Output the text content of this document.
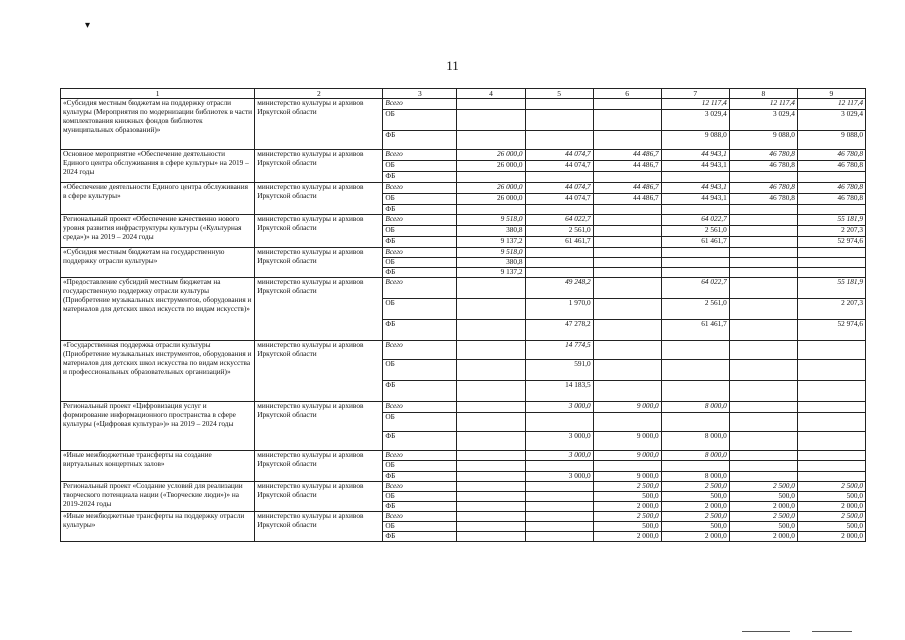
▾
11
1	2	3	4	5	6	7	8	9
«Субсидия местным бюджетам на поддержку отрасли культуры (Мероприятия по модернизации библиотек в части комплектования книжных фондов библиотек муниципальных образований)»	министерство культуры и архивов Иркутской области	Всего				12 117,4	12 117,4	12 117,4
		ОБ				3 029,4	3 029,4	3 029,4
		ФБ				9 088,0	9 088,0	9 088,0
Основное мероприятие «Обеспечение деятельности Единого центра обслуживания в сфере культуры» на 2019 – 2024 годы	министерство культуры и архивов Иркутской области	Всего	26 000,0	44 074,7	44 486,7	44 943,1	46 780,8	46 780,8
		ОБ	26 000,0	44 074,7	44 486,7	44 943,1	46 780,8	46 780,8
		ФБ						
«Обеспечение деятельности Единого центра обслуживания в сфере культуры»	министерство культуры и архивов Иркутской области	Всего	26 000,0	44 074,7	44 486,7	44 943,1	46 780,8	46 780,8
		ОБ	26 000,0	44 074,7	44 486,7	44 943,1	46 780,8	46 780,8
		ФБ						
Региональный проект «Обеспечение качественно нового уровня развития инфраструктуры культуры («Культурная среда»)» на 2019 – 2024 годы	министерство культуры и архивов Иркутской области	Всего	9 518,0	64 022,7		64 022,7		55 181,9
		ОБ	380,8	2 561,0		2 561,0		2 207,3
		ФБ	9 137,2	61 461,7		61 461,7		52 974,6
«Субсидия местным бюджетам на государственную поддержку отрасли культуры»	министерство культуры и архивов Иркутской области	Всего	9 518,0					
		ОБ	380,8					
		ФБ	9 137,2					
«Предоставление субсидий местным бюджетам на государственную поддержку отрасли культуры (Приобретение музыкальных инструментов, оборудования и материалов для детских школ искусств по видам искусств)»	министерство культуры и архивов Иркутской области	Всего		49 248,2		64 022,7		55 181,9
		ОБ		1 970,0		2 561,0		2 207,3
		ФБ		47 278,2		61 461,7		52 974,6
«Государственная поддержка отрасли культуры (Приобретение музыкальных инструментов, оборудования и материалов для детских школ искусства по видам искусства и профессиональных образовательных организаций)»	министерство культуры и архивов Иркутской области	Всего		14 774,5				
		ОБ		591,0				
		ФБ		14 183,5				
Региональный проект «Цифровизация услуг и формирование информационного пространства в сфере культуры («Цифровая культура»)» на 2019 – 2024 годы	министерство культуры и архивов Иркутской области	Всего		3 000,0	9 000,0	8 000,0		
		ОБ						
		ФБ		3 000,0	9 000,0	8 000,0		
«Иные межбюджетные трансферты на создание виртуальных концертных залов»	министерство культуры и архивов Иркутской области	Всего		3 000,0	9 000,0	8 000,0		
		ОБ						
		ФБ		3 000,0	9 000,0	8 000,0		
Региональный проект «Создание условий для реализации творческого потенциала нации («Творческие люди»)» на 2019-2024 годы	министерство культуры и архивов Иркутской области	Всего			2 500,0	2 500,0	2 500,0	2 500,0
		ОБ			500,0	500,0	500,0	500,0
		ФБ			2 000,0	2 000,0	2 000,0	2 000,0
«Иные межбюджетные трансферты на поддержку отрасли культуры»	министерство культуры и архивов Иркутской области	Всего			2 500,0	2 500,0	2 500,0	2 500,0
		ОБ			500,0	500,0	500,0	500,0
		ФБ			2 000,0	2 000,0	2 000,0	2 000,0
